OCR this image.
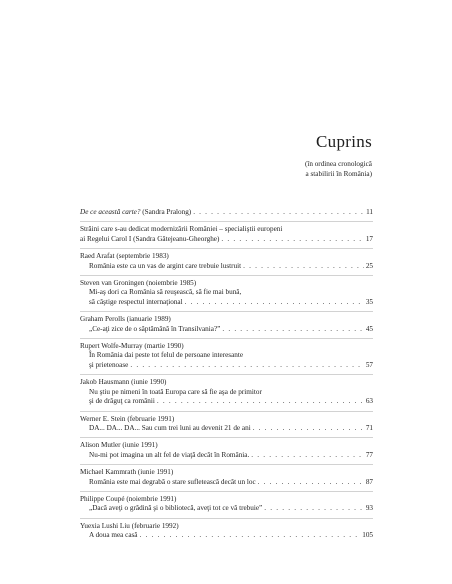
Cuprins
(în ordinea cronologică
a stabilirii în România)
De ce această carte? (Sandra Pralong) . . .	11
Străini care s-au dedicat modernizării României – specialiştii europeni
ai Regelui Carol I (Sandra Gâtejeanu-Gheorghe) . . .	17
Raed Arafat (septembrie 1983)
România este ca un vas de argint care trebuie lustruit . . .	25
Steven van Groningen (noiembrie 1985)
Mi-aş dori ca România să reuşească, să fie mai bună,
să câştige respectul internaţional . . .	35
Graham Perolls (ianuarie 1989)
„Ce-aţi zice de o săptămână în Transilvania?” . . .	45
Rupert Wolfe-Murray (martie 1990)
În România dai peste tot felul de persoane interesante
şi prietenoase . . .	57
Jakob Hausmann (iunie 1990)
Nu ştiu pe nimeni în toată Europa care să fie aşa de primitor
şi de drăguţ ca românii . . .	63
Werner E. Stein (februarie 1991)
DA... DA... DA... Sau cum trei luni au devenit 21 de ani . . .	71
Alison Mutler (iunie 1991)
Nu-mi pot imagina un alt fel de viaţă decât în România. . . .	77
Michael Kammrath (iunie 1991)
România este mai degrabă o stare sufletească decât un loc . . .	87
Philippe Coupé (noiembrie 1991)
„Dacă aveţi o grădină şi o bibliotecă, aveţi tot ce vă trebuie” . . .	93
Yuexia Lushi Liu (februarie 1992)
A doua mea casă . . .	105
